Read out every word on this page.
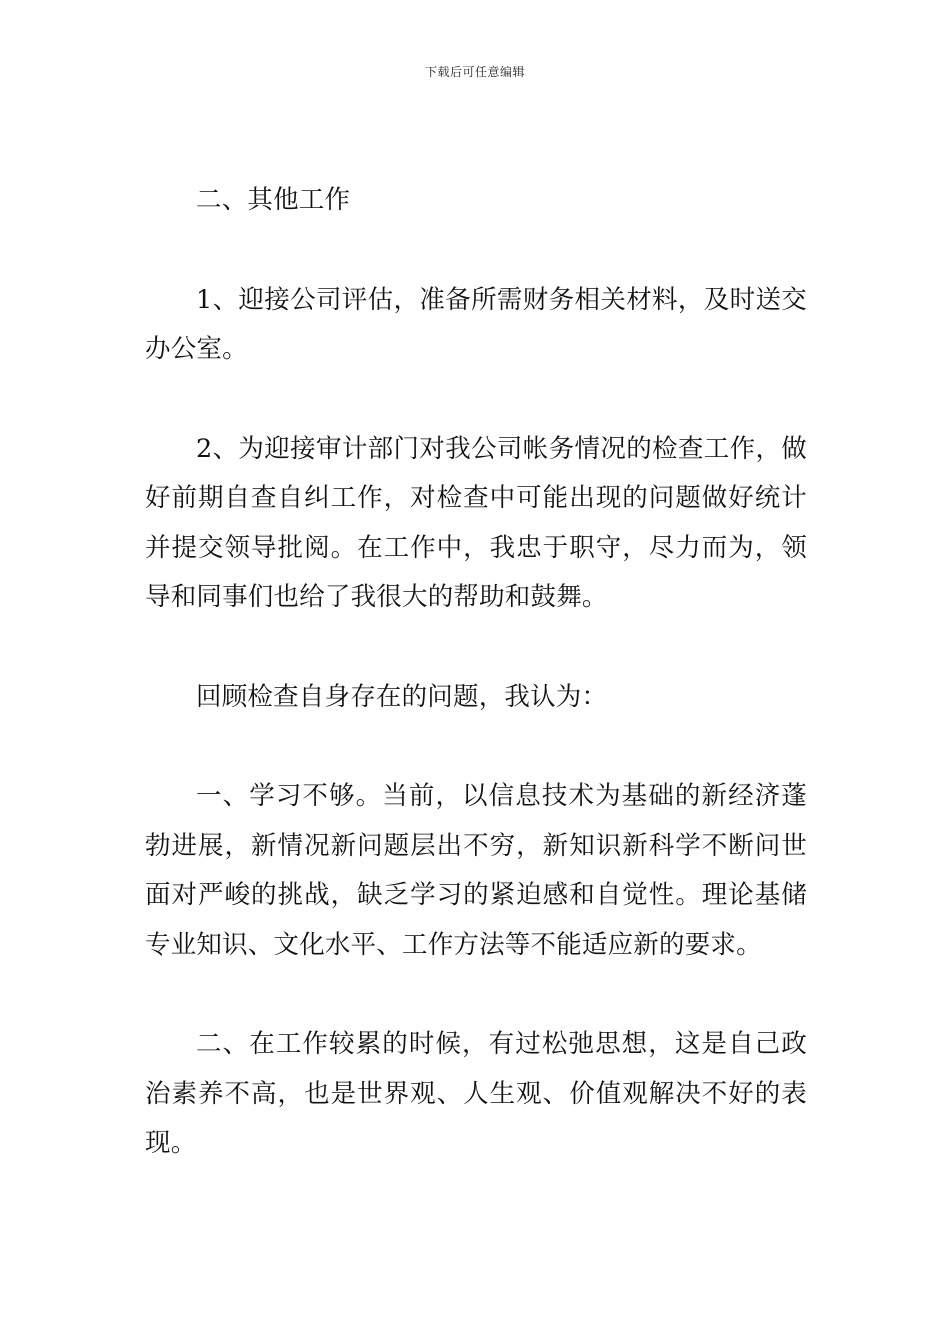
下载后可任意编辑

二、其他工作

1、迎接公司评估，准备所需财务相关材料，及时送交办公室。

2、为迎接审计部门对我公司帐务情况的检查工作，做好前期自查自纠工作，对检查中可能出现的问题做好统计并提交领导批阅。在工作中，我忠于职守，尽力而为，领导和同事们也给了我很大的帮助和鼓舞。

回顾检查自身存在的问题，我认为：

一、学习不够。当前，以信息技术为基础的新经济蓬勃进展，新情况新问题层出不穷，新知识新科学不断问世面对严峻的挑战，缺乏学习的紧迫感和自觉性。理论基储专业知识、文化水平、工作方法等不能适应新的要求。

二、在工作较累的时候，有过松弛思想，这是自己政治素养不高，也是世界观、人生观、价值观解决不好的表现。
